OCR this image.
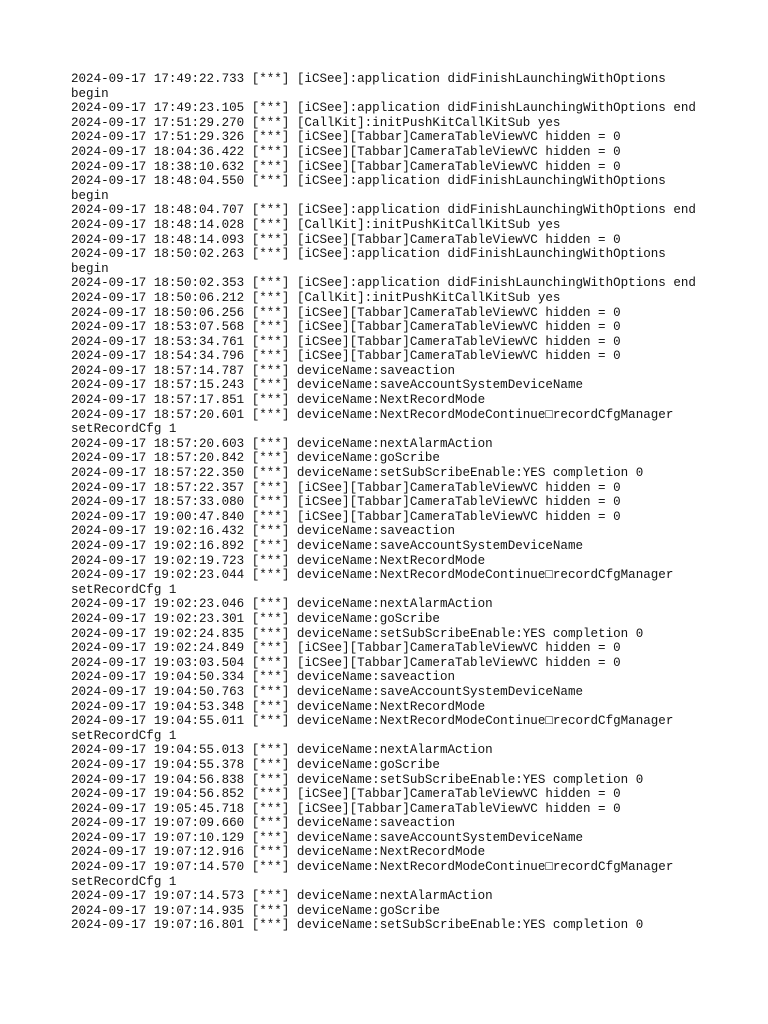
2024-09-17 17:49:22.733 [***] [iCSee]:application didFinishLaunchingWithOptions
begin
2024-09-17 17:49:23.105 [***] [iCSee]:application didFinishLaunchingWithOptions end
2024-09-17 17:51:29.270 [***] [CallKit]:initPushKitCallKitSub yes
2024-09-17 17:51:29.326 [***] [iCSee][Tabbar]CameraTableViewVC hidden = 0
2024-09-17 18:04:36.422 [***] [iCSee][Tabbar]CameraTableViewVC hidden = 0
2024-09-17 18:38:10.632 [***] [iCSee][Tabbar]CameraTableViewVC hidden = 0
2024-09-17 18:48:04.550 [***] [iCSee]:application didFinishLaunchingWithOptions
begin
2024-09-17 18:48:04.707 [***] [iCSee]:application didFinishLaunchingWithOptions end
2024-09-17 18:48:14.028 [***] [CallKit]:initPushKitCallKitSub yes
2024-09-17 18:48:14.093 [***] [iCSee][Tabbar]CameraTableViewVC hidden = 0
2024-09-17 18:50:02.263 [***] [iCSee]:application didFinishLaunchingWithOptions
begin
2024-09-17 18:50:02.353 [***] [iCSee]:application didFinishLaunchingWithOptions end
2024-09-17 18:50:06.212 [***] [CallKit]:initPushKitCallKitSub yes
2024-09-17 18:50:06.256 [***] [iCSee][Tabbar]CameraTableViewVC hidden = 0
2024-09-17 18:53:07.568 [***] [iCSee][Tabbar]CameraTableViewVC hidden = 0
2024-09-17 18:53:34.761 [***] [iCSee][Tabbar]CameraTableViewVC hidden = 0
2024-09-17 18:54:34.796 [***] [iCSee][Tabbar]CameraTableViewVC hidden = 0
2024-09-17 18:57:14.787 [***] deviceName:saveaction
2024-09-17 18:57:15.243 [***] deviceName:saveAccountSystemDeviceName
2024-09-17 18:57:17.851 [***] deviceName:NextRecordMode
2024-09-17 18:57:20.601 [***] deviceName:NextRecordModeContinue□recordCfgManager
setRecordCfg 1
2024-09-17 18:57:20.603 [***] deviceName:nextAlarmAction
2024-09-17 18:57:20.842 [***] deviceName:goScribe
2024-09-17 18:57:22.350 [***] deviceName:setSubScribeEnable:YES completion 0
2024-09-17 18:57:22.357 [***] [iCSee][Tabbar]CameraTableViewVC hidden = 0
2024-09-17 18:57:33.080 [***] [iCSee][Tabbar]CameraTableViewVC hidden = 0
2024-09-17 19:00:47.840 [***] [iCSee][Tabbar]CameraTableViewVC hidden = 0
2024-09-17 19:02:16.432 [***] deviceName:saveaction
2024-09-17 19:02:16.892 [***] deviceName:saveAccountSystemDeviceName
2024-09-17 19:02:19.723 [***] deviceName:NextRecordMode
2024-09-17 19:02:23.044 [***] deviceName:NextRecordModeContinue□recordCfgManager
setRecordCfg 1
2024-09-17 19:02:23.046 [***] deviceName:nextAlarmAction
2024-09-17 19:02:23.301 [***] deviceName:goScribe
2024-09-17 19:02:24.835 [***] deviceName:setSubScribeEnable:YES completion 0
2024-09-17 19:02:24.849 [***] [iCSee][Tabbar]CameraTableViewVC hidden = 0
2024-09-17 19:03:03.504 [***] [iCSee][Tabbar]CameraTableViewVC hidden = 0
2024-09-17 19:04:50.334 [***] deviceName:saveaction
2024-09-17 19:04:50.763 [***] deviceName:saveAccountSystemDeviceName
2024-09-17 19:04:53.348 [***] deviceName:NextRecordMode
2024-09-17 19:04:55.011 [***] deviceName:NextRecordModeContinue□recordCfgManager
setRecordCfg 1
2024-09-17 19:04:55.013 [***] deviceName:nextAlarmAction
2024-09-17 19:04:55.378 [***] deviceName:goScribe
2024-09-17 19:04:56.838 [***] deviceName:setSubScribeEnable:YES completion 0
2024-09-17 19:04:56.852 [***] [iCSee][Tabbar]CameraTableViewVC hidden = 0
2024-09-17 19:05:45.718 [***] [iCSee][Tabbar]CameraTableViewVC hidden = 0
2024-09-17 19:07:09.660 [***] deviceName:saveaction
2024-09-17 19:07:10.129 [***] deviceName:saveAccountSystemDeviceName
2024-09-17 19:07:12.916 [***] deviceName:NextRecordMode
2024-09-17 19:07:14.570 [***] deviceName:NextRecordModeContinue□recordCfgManager
setRecordCfg 1
2024-09-17 19:07:14.573 [***] deviceName:nextAlarmAction
2024-09-17 19:07:14.935 [***] deviceName:goScribe
2024-09-17 19:07:16.801 [***] deviceName:setSubScribeEnable:YES completion 0
